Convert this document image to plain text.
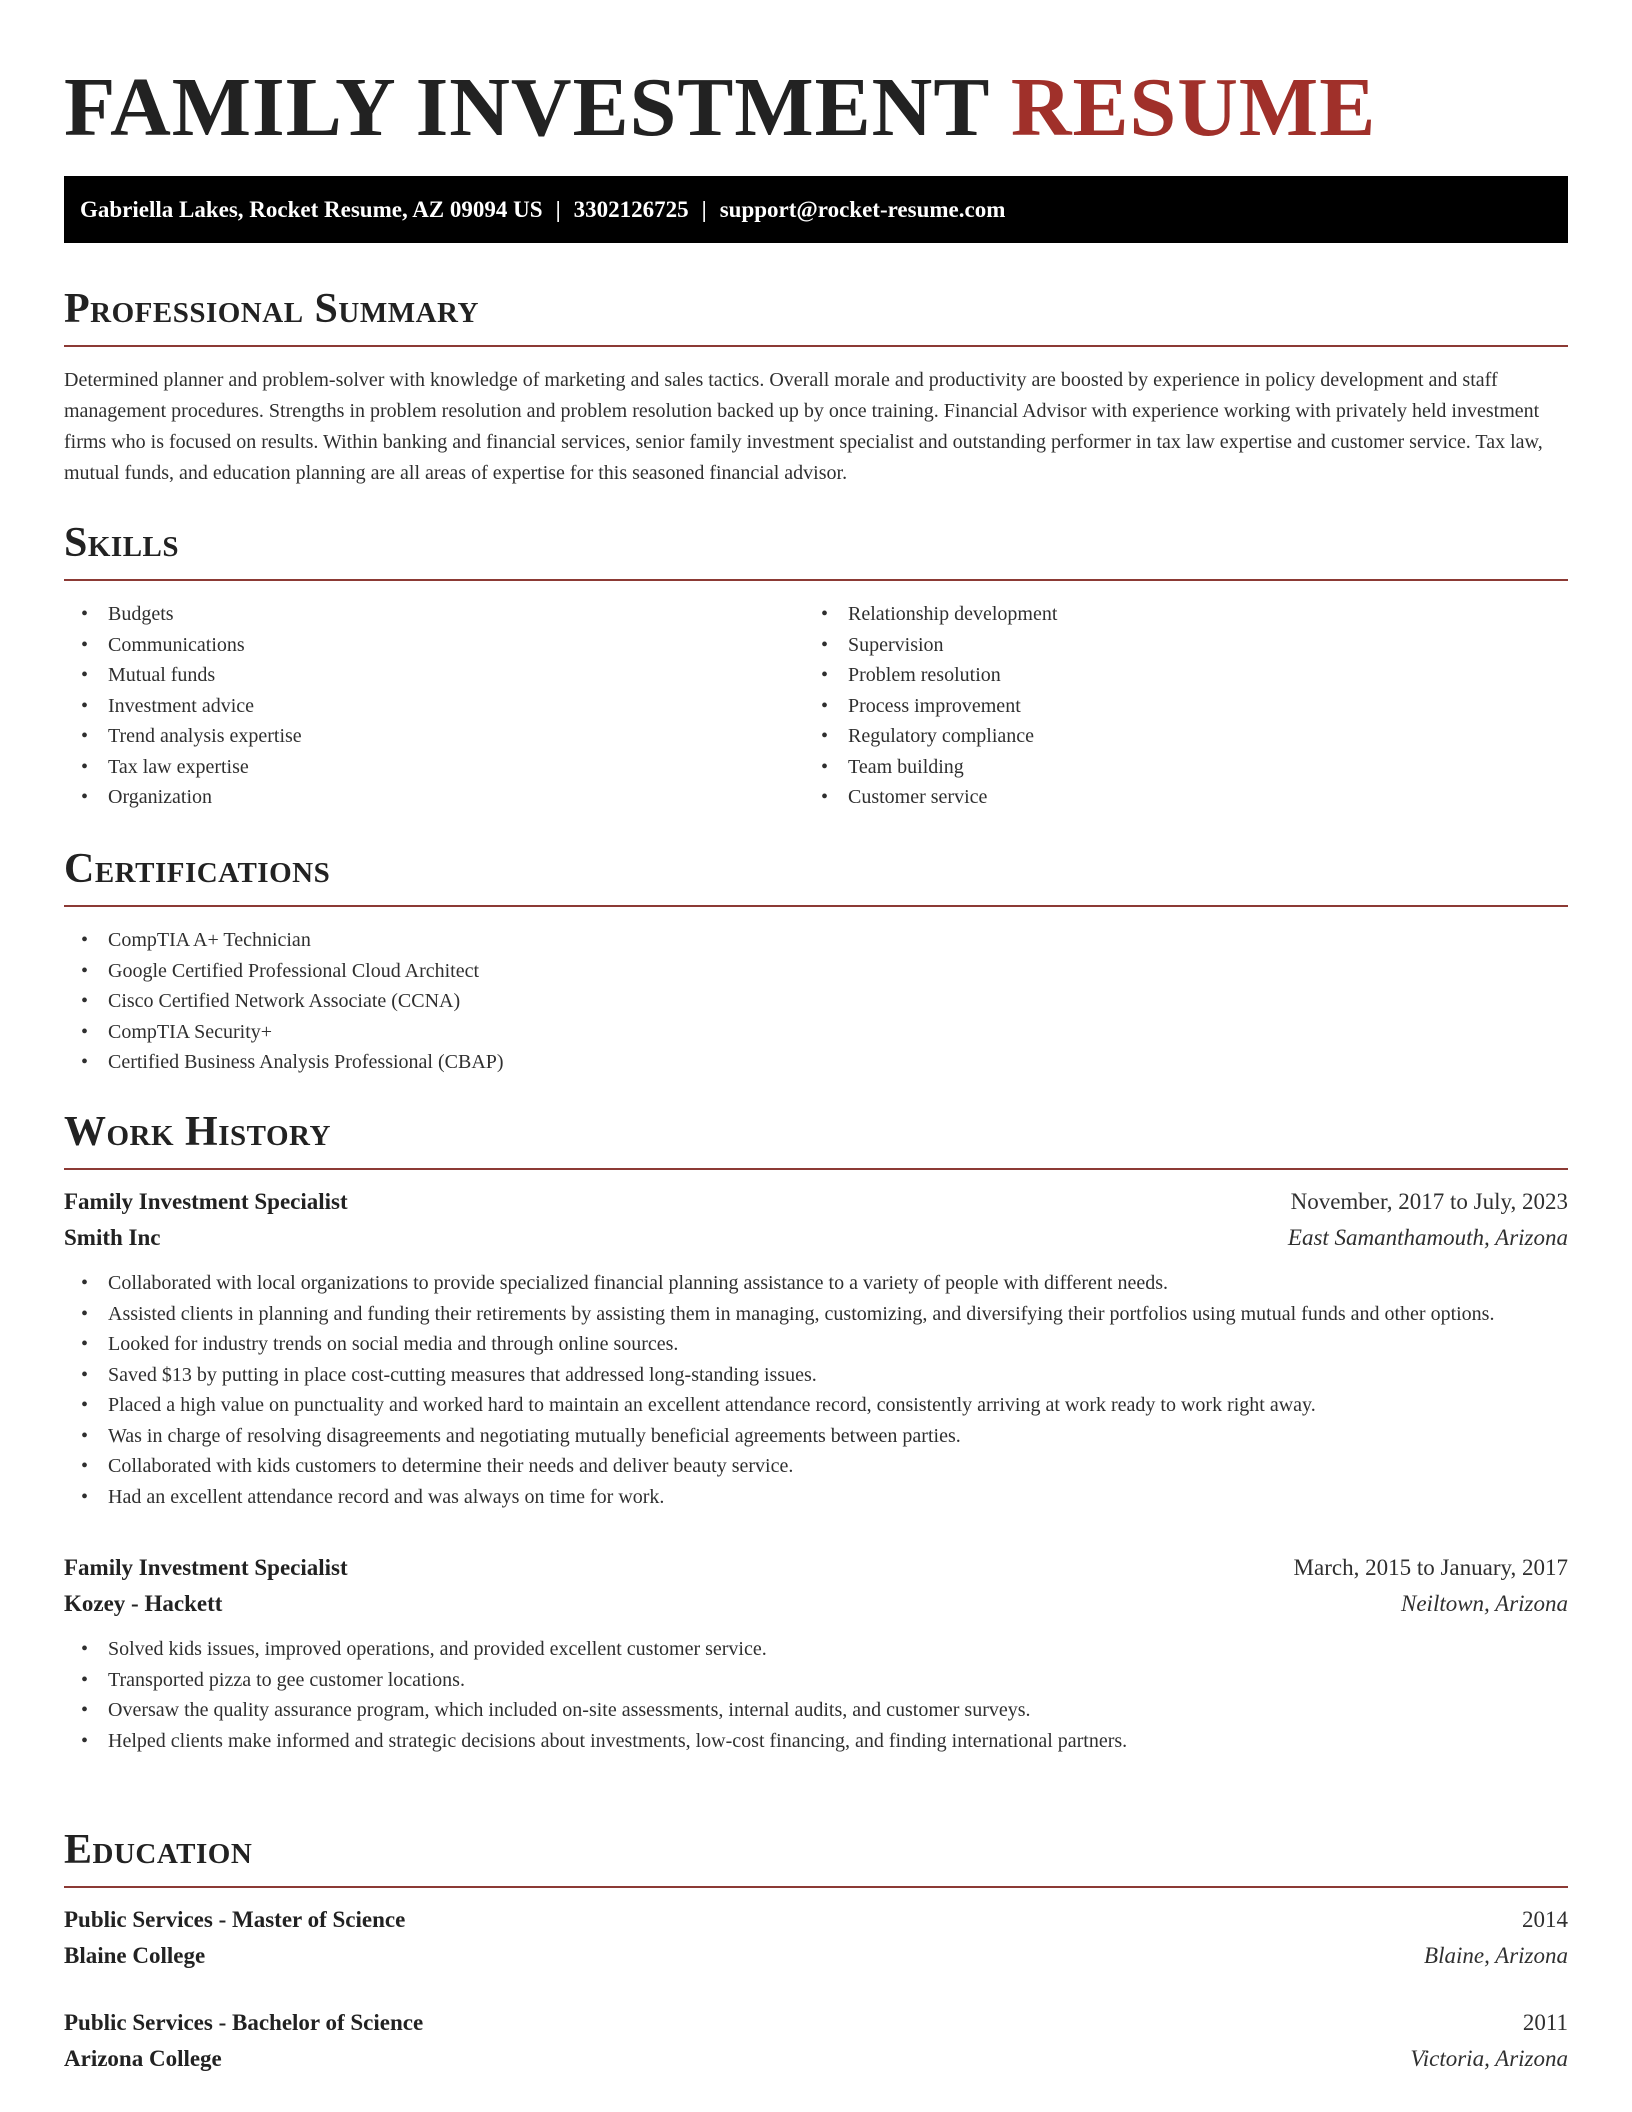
FAMILY INVESTMENT RESUME
Gabriella Lakes, Rocket Resume, AZ 09094 US | 3302126725 | support@rocket-resume.com
Professional Summary

Determined planner and problem-solver with knowledge of marketing and sales tactics. Overall morale and productivity are boosted by experience in policy development and staff management procedures. Strengths in problem resolution and problem resolution backed up by once training. Financial Advisor with experience working with privately held investment firms who is focused on results. Within banking and financial services, senior family investment specialist and outstanding performer in tax law expertise and customer service. Tax law, mutual funds, and education planning are all areas of expertise for this seasoned financial advisor.

Skills
• Budgets
• Communications
• Mutual funds
• Investment advice
• Trend analysis expertise
• Tax law expertise
• Organization
• Relationship development
• Supervision
• Problem resolution
• Process improvement
• Regulatory compliance
• Team building
• Customer service
Certifications
• CompTIA A+ Technician
• Google Certified Professional Cloud Architect
• Cisco Certified Network Associate (CCNA)
• CompTIA Security+
• Certified Business Analysis Professional (CBAP)
Work History
Family Investment Specialist	November, 2017 to July, 2023
Smith Inc	East Samanthamouth, Arizona
• Collaborated with local organizations to provide specialized financial planning assistance to a variety of people with different needs.
• Assisted clients in planning and funding their retirements by assisting them in managing, customizing, and diversifying their portfolios using mutual funds and other options.
• Looked for industry trends on social media and through online sources.
• Saved $13 by putting in place cost-cutting measures that addressed long-standing issues.
• Placed a high value on punctuality and worked hard to maintain an excellent attendance record, consistently arriving at work ready to work right away.
• Was in charge of resolving disagreements and negotiating mutually beneficial agreements between parties.
• Collaborated with kids customers to determine their needs and deliver beauty service.
• Had an excellent attendance record and was always on time for work.
Family Investment Specialist	March, 2015 to January, 2017
Kozey - Hackett	Neiltown, Arizona
• Solved kids issues, improved operations, and provided excellent customer service.
• Transported pizza to gee customer locations.
• Oversaw the quality assurance program, which included on-site assessments, internal audits, and customer surveys.
• Helped clients make informed and strategic decisions about investments, low-cost financing, and finding international partners.
Education
Public Services - Master of Science	2014
Blaine College	Blaine, Arizona
Public Services - Bachelor of Science	2011
Arizona College	Victoria, Arizona
